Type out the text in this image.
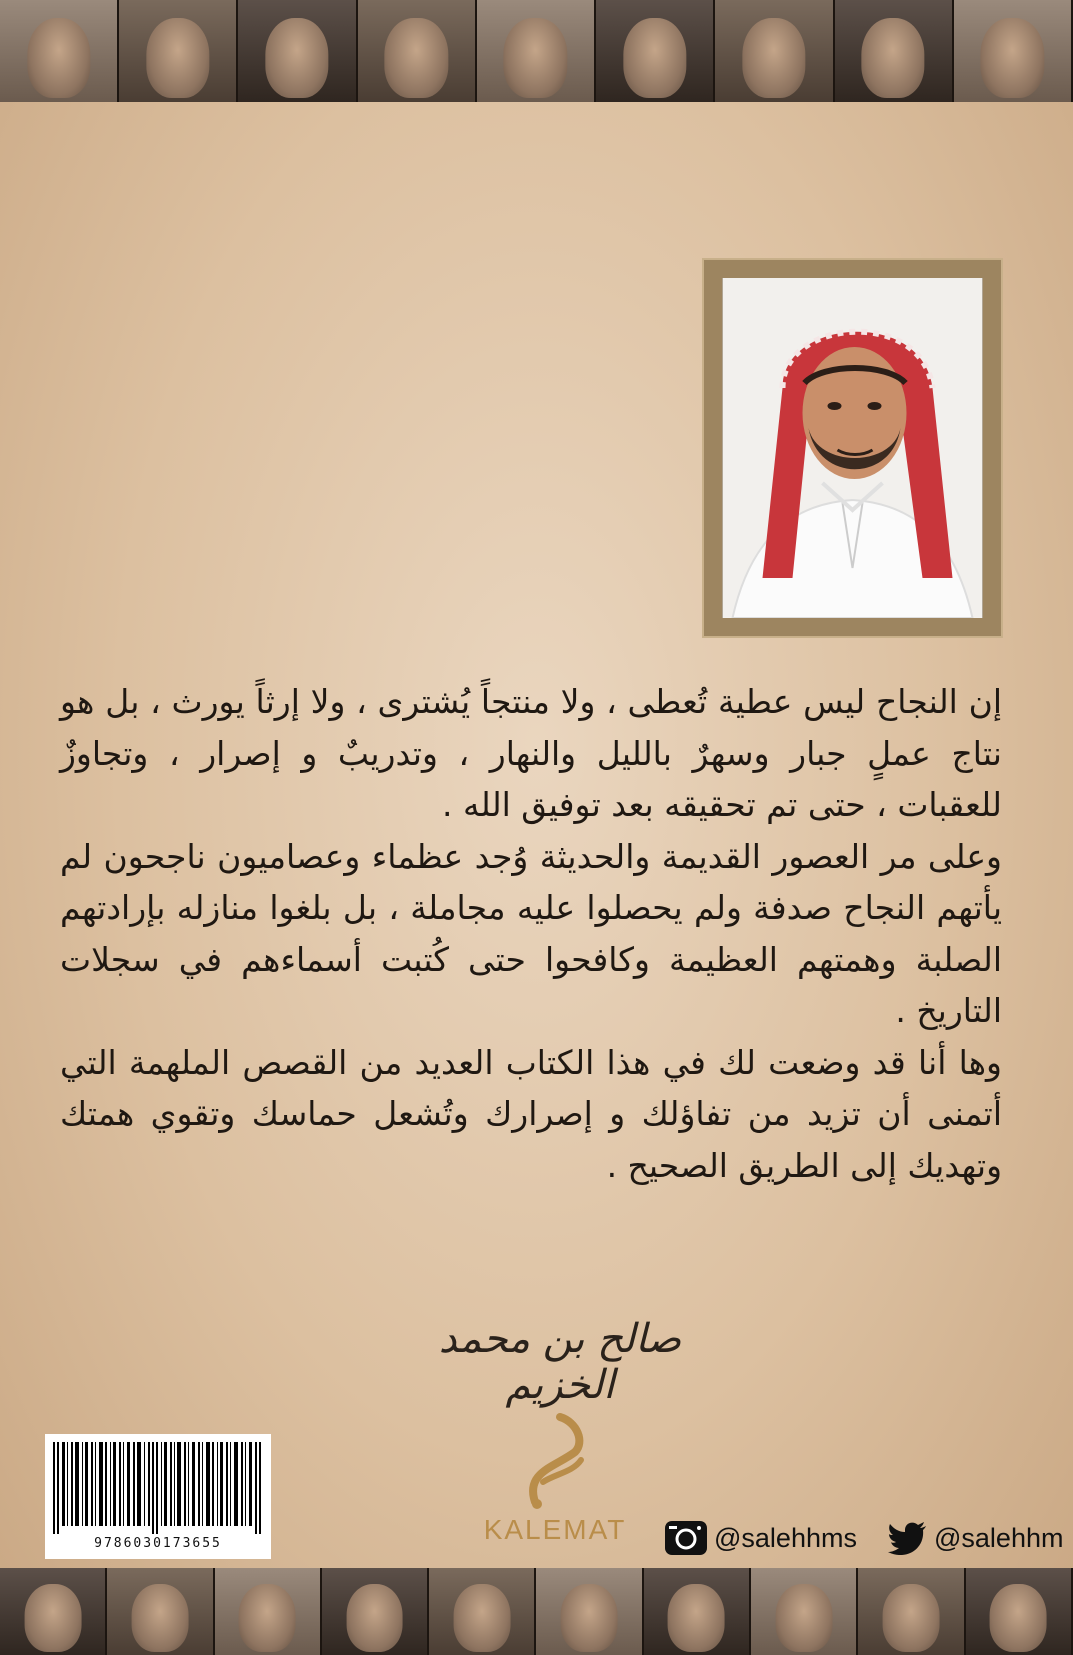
إن النجاح ليس عطية تُعطى ، ولا منتجاً يُشترى ، ولا إرثاً يورث ، بل هو نتاج عملٍ جبار وسهرٌ بالليل والنهار ، وتدريبٌ و إصرار ، وتجاوزٌ للعقبات ، حتى تم تحقيقه بعد توفيق الله .

وعلى مر العصور القديمة والحديثة وُجد عظماء وعصاميون ناجحون لم يأتهم النجاح صدفة ولم يحصلوا عليه مجاملة ، بل بلغوا منازله بإرادتهم الصلبة وهمتهم العظيمة وكافحوا حتى كُتبت أسماءهم في سجلات التاريخ .

وها أنا قد وضعت لك في هذا الكتاب العديد من القصص الملهمة التي أتمنى أن تزيد من تفاؤلك و إصرارك وتُشعل حماسك وتقوي همتك وتهديك إلى الطريق الصحيح .

صالح بن محمد الخزيم
9786030173655	KALEMAT	@salehhms	@salehhm
